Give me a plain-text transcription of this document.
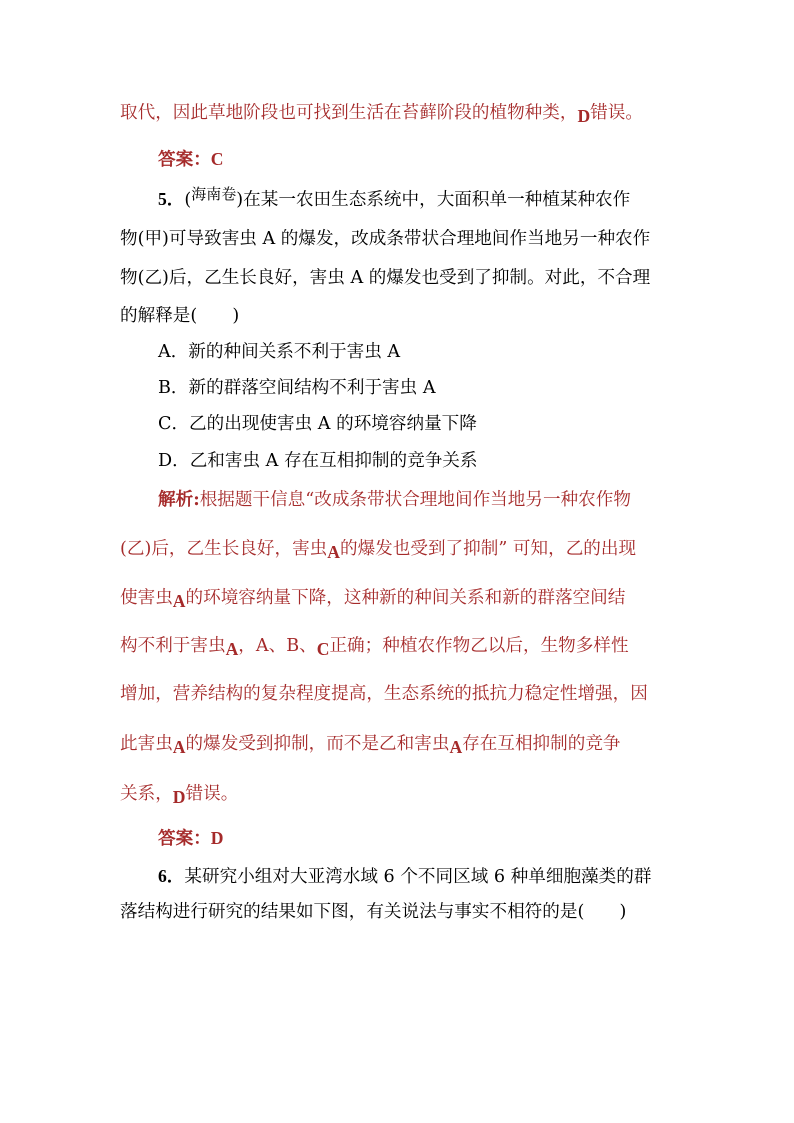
取代，因此草地阶段也可找到生活在苔藓阶段的植物种类，D错误。
答案：C
5．(海南卷)在某一农田生态系统中，大面积单一种植某种农作
物(甲)可导致害虫 A 的爆发，改成条带状合理地间作当地另一种农作
物(乙)后，乙生长良好，害虫 A 的爆发也受到了抑制。对此，不合理
的解释是(　　)
A．新的种间关系不利于害虫 A
B．新的群落空间结构不利于害虫 A
C．乙的出现使害虫 A 的环境容纳量下降
D．乙和害虫 A 存在互相抑制的竞争关系
解析:根据题干信息“改成条带状合理地间作当地另一种农作物
(乙)后，乙生长良好，害虫A的爆发也受到了抑制” 可知，乙的出现
使害虫A的环境容纳量下降，这种新的种间关系和新的群落空间结
构不利于害虫A，A、B、C正确；种植农作物乙以后，生物多样性
增加，营养结构的复杂程度提高，生态系统的抵抗力稳定性增强，因
此害虫A的爆发受到抑制，而不是乙和害虫A存在互相抑制的竞争
关系，D错误。
答案：D
6．某研究小组对大亚湾水域 6 个不同区域 6 种单细胞藻类的群
落结构进行研究的结果如下图，有关说法与事实不相符的是(　　)
